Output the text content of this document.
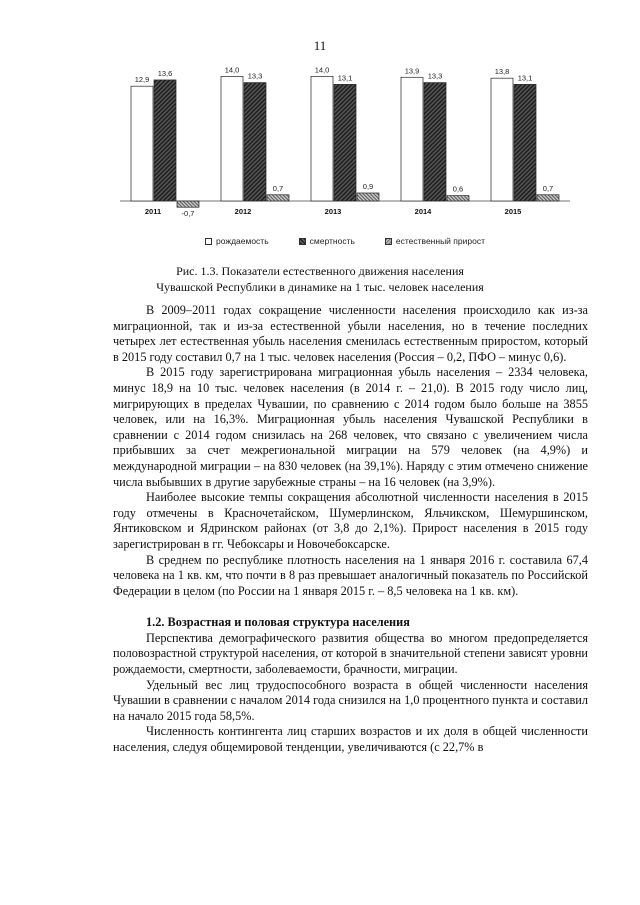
11
12,9
13,6
-0,7
2011
14,0
13,3
0,7
2012
14,0
13,1
0,9
2013
13,9
13,3
0,6
2014
13,8
13,1
0,7
2015
рождаемость	смертность	естественный прирост
Рис. 1.3. Показатели естественного движения населения
Чувашской Республики в динамике на 1 тыс. человек населения

В 2009–2011 годах сокращение численности населения происходило как из-за миграционной, так и из-за естественной убыли населения, но в течение последних четырех лет естественная убыль населения сменилась естественным приростом, который в 2015 году составил 0,7 на 1 тыс. человек населения (Россия – 0,2, ПФО – минус 0,6).

В 2015 году зарегистрирована миграционная убыль населения – 2334 человека, минус 18,9 на 10 тыс. человек населения (в 2014 г. – 21,0). В 2015 году число лиц, мигрирующих в пределах Чувашии, по сравнению с 2014 годом было больше на 3855 человек, или на 16,3%. Миграционная убыль населения Чувашской Республики в сравнении с 2014 годом снизилась на 268 человек, что связано с увеличением числа прибывших за счет межрегиональной миграции на 579 человек (на 4,9%) и международной миграции – на 830 человек (на 39,1%). Наряду с этим отмечено снижение числа выбывших в другие зарубежные страны – на 16 человек (на 3,9%).

Наиболее высокие темпы сокращения абсолютной численности населения в 2015 году отмечены в Красночетайском, Шумерлинском, Яльчикском, Шемуршинском, Янтиковском и Ядринском районах (от 3,8 до 2,1%). Прирост населения в 2015 году зарегистрирован в гг. Чебоксары и Новочебоксарске.

В среднем по республике плотность населения на 1 января 2016 г. составила 67,4 человека на 1 кв. км, что почти в 8 раз превышает аналогичный показатель по Российской Федерации в целом (по России на 1 января 2015 г. – 8,5 человека на 1 кв. км).

1.2. Возрастная и половая структура населения

Перспектива демографического развития общества во многом предопределяется половозрастной структурой населения, от которой в значительной степени зависят уровни рождаемости, смертности, заболеваемости, брачности, миграции.

Удельный вес лиц трудоспособного возраста в общей численности населения Чувашии в сравнении с началом 2014 года снизился на 1,0 процентного пункта и составил на начало 2015 года 58,5%.

Численность контингента лиц старших возрастов и их доля в общей численности населения, следуя общемировой тенденции, увеличиваются (с 22,7% в
